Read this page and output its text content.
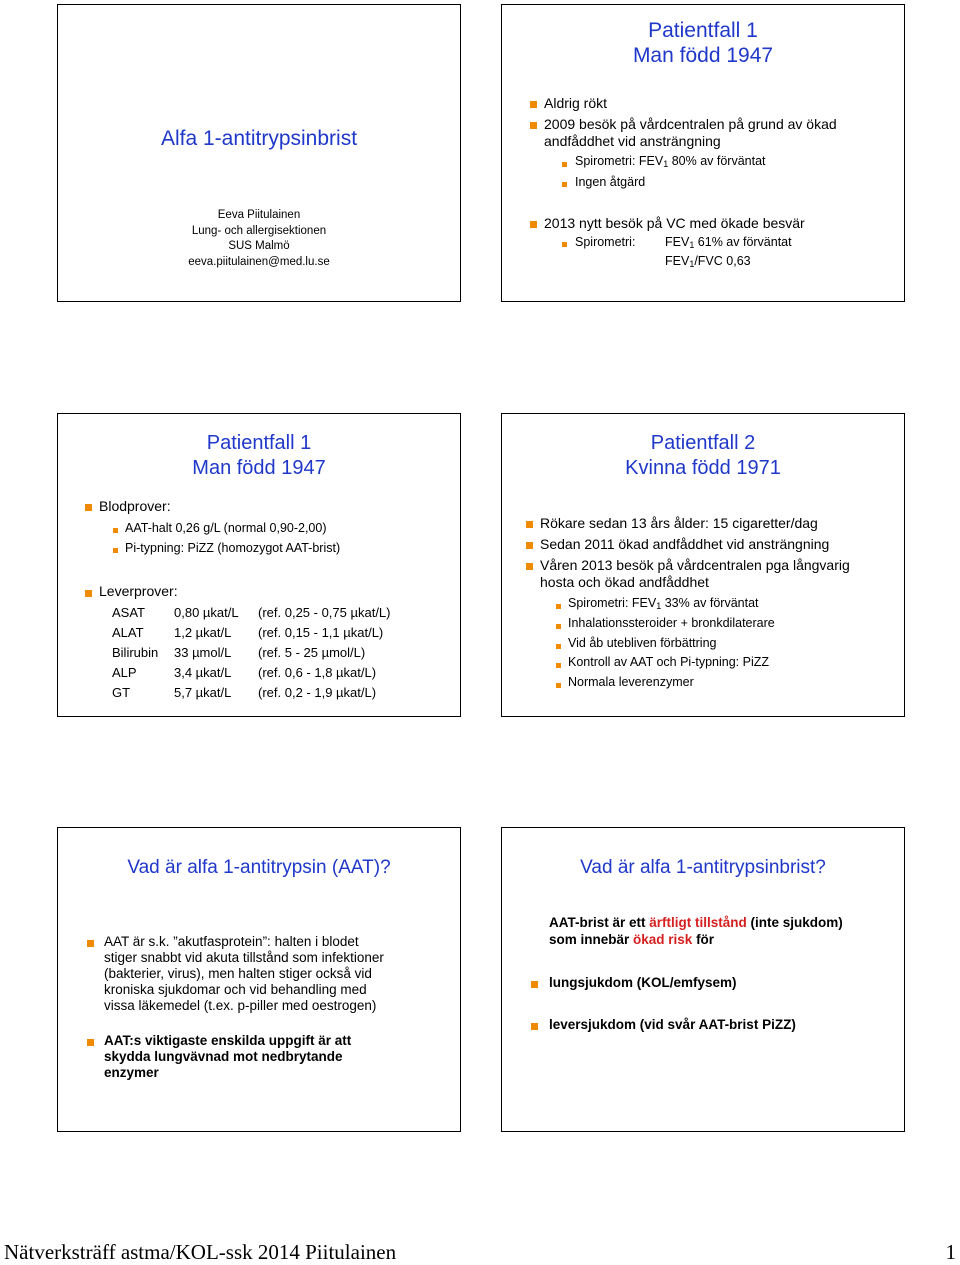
Alfa 1-antitrypsinbrist
Eeva Piitulainen
Lung- och allergisektionen
SUS Malmö
eeva.piitulainen@med.lu.se
Patientfall 1
Man född 1947
Aldrig rökt
2009 besök på vårdcentralen på grund av ökad
andfåddhet vid ansträngning
Spirometri: $FEV_1$ 80% av förväntat
Ingen åtgärd
2013 nytt besök på VC med ökade besvär
Spirometri: $FEV_1$ 61% av förväntat
$FEV_1$/FVC 0,63
Patientfall 1
Man född 1947
Blodprover:
AAT-halt 0,26 g/L (normal 0,90-2,00)
Pi-typning: PiZZ (homozygot AAT-brist)
Leverprover:
ASAT 0,80 µkat/L (ref. 0,25 - 0,75 µkat/L)
ALAT 1,2 µkat/L (ref. 0,15 - 1,1 µkat/L)
Bilirubin 33 µmol/L (ref. 5 - 25 µmol/L)
ALP	3,4 µkat/L (ref. 0,6 - 1,8 µkat/L)
GT	5,7 µkat/L (ref. 0,2 - 1,9 µkat/L)
Patientfall 2
Kvinna född 1971
Rökare sedan 13 års ålder: 15 cigaretter/dag
Sedan 2011 ökad andfåddhet vid ansträngning
Våren 2013 besök på vårdcentralen pga långvarig
hosta och ökad andfåddhet
Spirometri: $FEV_1$ 33% av förväntat
Inhalationssteroider + bronkdilaterare
Vid åb utebliven förbättring
Kontroll av AAT och Pi-typning: PiZZ
Normala leverenzymer
Vad är alfa 1-antitrypsin (AAT)?
AAT är s.k. ”akutfasprotein”: halten i blodet
stiger snabbt vid akuta tillstånd som infektioner
(bakterier, virus), men halten stiger också vid
kroniska sjukdomar och vid behandling med
vissa läkemedel (t.ex. p-piller med oestrogen)
AAT:s viktigaste enskilda uppgift är att
skydda lungvävnad mot nedbrytande
enzymer
Vad är alfa 1-antitrypsinbrist?
AAT-brist är ett ärftligt tillstånd (inte sjukdom)
som innebär ökad risk för
lungsjukdom (KOL/emfysem)
leversjukdom (vid svår AAT-brist PiZZ)
Nätverksträff astma/KOL-ssk 2014 Piitulainen	1
